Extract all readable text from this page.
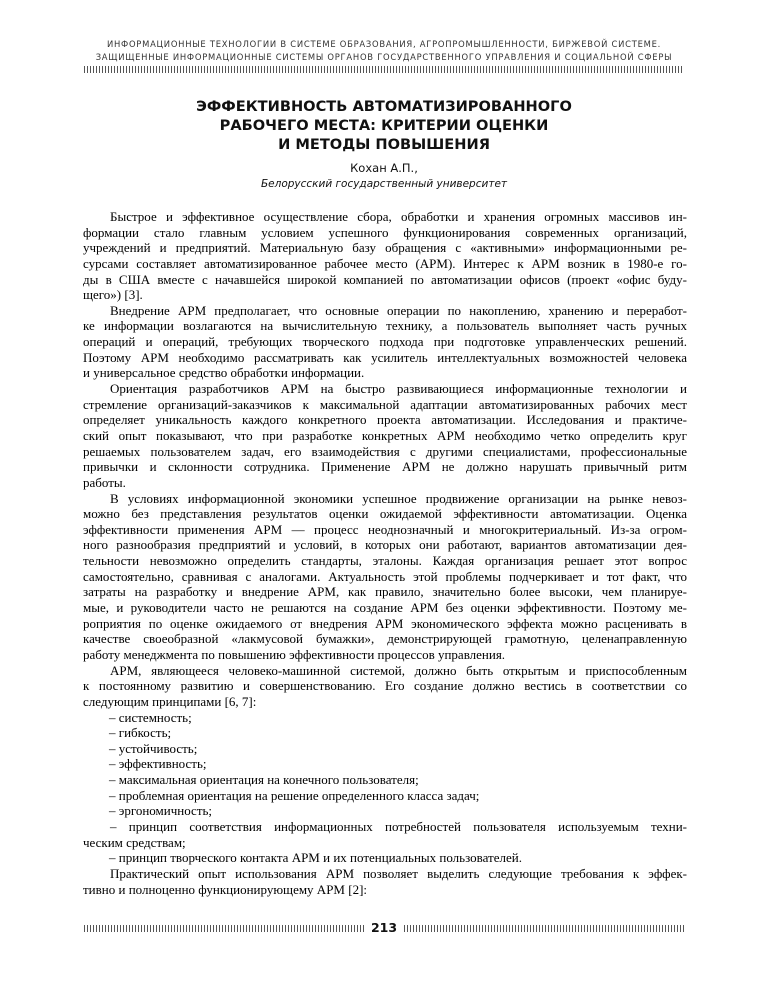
ИНФОРМАЦИОННЫЕ ТЕХНОЛОГИИ В СИСТЕМЕ ОБРАЗОВАНИЯ, АГРОПРОМЫШЛЕННОСТИ, БИРЖЕВОЙ СИСТЕМЕ.
ЗАЩИЩЕННЫЕ ИНФОРМАЦИОННЫЕ СИСТЕМЫ ОРГАНОВ ГОСУДАРСТВЕННОГО УПРАВЛЕНИЯ И СОЦИАЛЬНОЙ СФЕРЫ
ЭФФЕКТИВНОСТЬ АВТОМАТИЗИРОВАННОГО
РАБОЧЕГО МЕСТА: КРИТЕРИИ ОЦЕНКИ
И МЕТОДЫ ПОВЫШЕНИЯ
Кохан А.П.,
Белорусский государственный университет
Быстрое и эффективное осуществление сбора, обработки и хранения огромных массивов ин-
формации стало главным условием успешного функционирования современных организаций,
учреждений и предприятий. Материальную базу обращения с «активными» информационными ре-
сурсами составляет автоматизированное рабочее место (АРМ). Интерес к АРМ возник в 1980-е го-
ды в США вместе с начавшейся широкой компанией по автоматизации офисов (проект «офис буду-
щего») [3].
Внедрение АРМ предполагает, что основные операции по накоплению, хранению и переработ-
ке информации возлагаются на вычислительную технику, а пользователь выполняет часть ручных
операций и операций, требующих творческого подхода при подготовке управленческих решений.
Поэтому АРМ необходимо рассматривать как усилитель интеллектуальных возможностей человека
и универсальное средство обработки информации.
Ориентация разработчиков АРМ на быстро развивающиеся информационные технологии и
стремление организаций-заказчиков к максимальной адаптации автоматизированных рабочих мест
определяет уникальность каждого конкретного проекта автоматизации. Исследования и практиче-
ский опыт показывают, что при разработке конкретных АРМ необходимо четко определить круг
решаемых пользователем задач, его взаимодействия с другими специалистами, профессиональные
привычки и склонности сотрудника. Применение АРМ не должно нарушать привычный ритм
работы.
В условиях информационной экономики успешное продвижение организации на рынке невоз-
можно без представления результатов оценки ожидаемой эффективности автоматизации. Оценка
эффективности применения АРМ — процесс неоднозначный и многокритериальный. Из-за огром-
ного разнообразия предприятий и условий, в которых они работают, вариантов автоматизации дея-
тельности невозможно определить стандарты, эталоны. Каждая организация решает этот вопрос
самостоятельно, сравнивая с аналогами. Актуальность этой проблемы подчеркивает и тот факт, что
затраты на разработку и внедрение АРМ, как правило, значительно более высоки, чем планируе-
мые, и руководители часто не решаются на создание АРМ без оценки эффективности. Поэтому ме-
роприятия по оценке ожидаемого от внедрения АРМ экономического эффекта можно расценивать в
качестве своеобразной «лакмусовой бумажки», демонстрирующей грамотную, целенаправленную
работу менеджмента по повышению эффективности процессов управления.
АРМ, являющееся человеко-машинной системой, должно быть открытым и приспособленным
к постоянному развитию и совершенствованию. Его создание должно вестись в соответствии со
следующим принципами [6, 7]:
– системность;
– гибкость;
– устойчивость;
– эффективность;
– максимальная ориентация на конечного пользователя;
– проблемная ориентация на решение определенного класса задач;
– эргономичность;
– принцип соответствия информационных потребностей пользователя используемым техни-
ческим средствам;
– принцип творческого контакта АРМ и их потенциальных пользователей.
Практический опыт использования АРМ позволяет выделить следующие требования к эффек-
тивно и полноценно функционирующему АРМ [2]:
213
